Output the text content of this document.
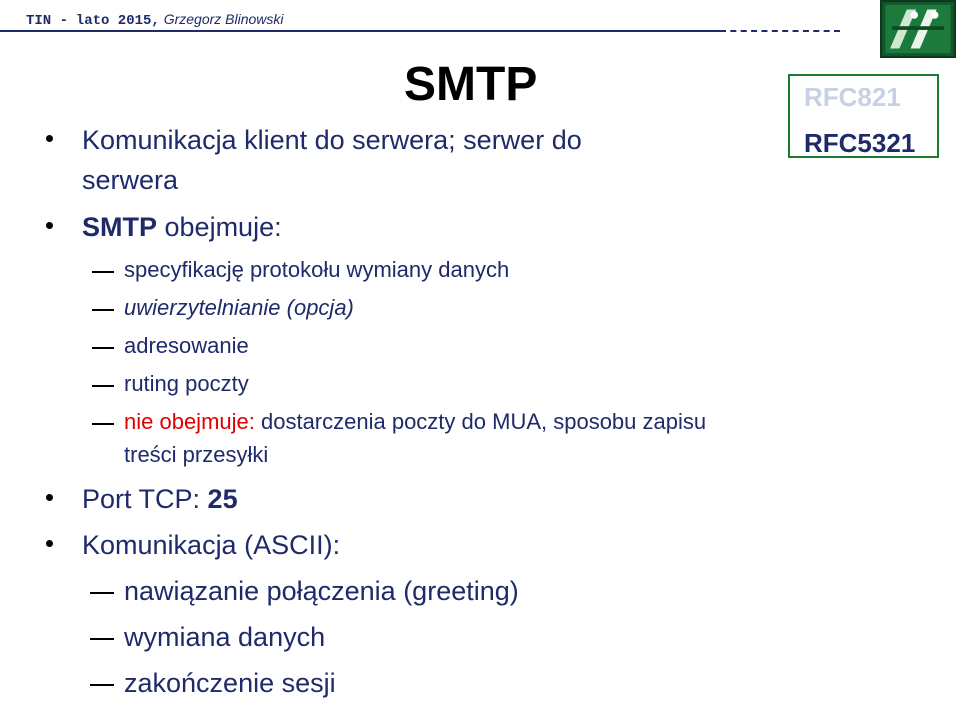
TIN - lato 2015, Grzegorz Blinowski
SMTP	RFC821
RFC5321
Komunikacja klient do serwera; serwer do
serwera
SMTP obejmuje:
specyfikację protokołu wymiany danych
uwierzytelnianie (opcja)
adresowanie
ruting poczty
nie obejmuje: dostarczenia poczty do MUA, sposobu zapisu
treści przesyłki
Port TCP: 25
Komunikacja (ASCII):
nawiązanie połączenia (greeting)
wymiana danych
zakończenie sesji
